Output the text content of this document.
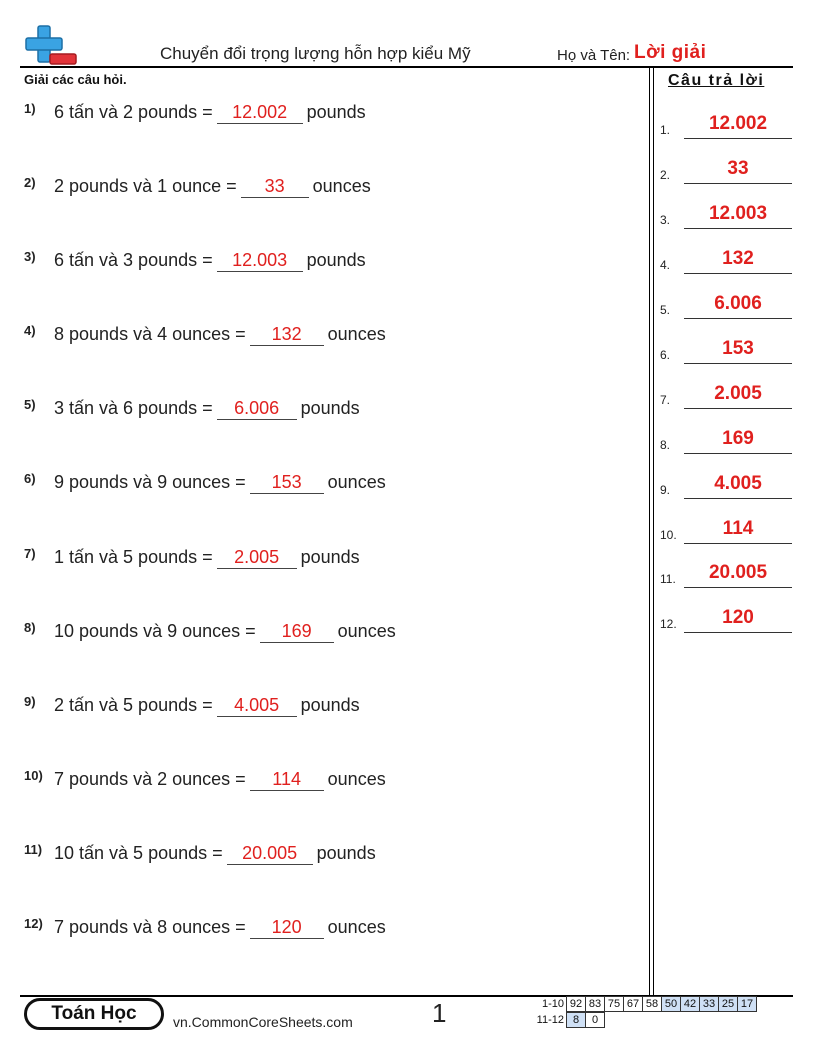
Chuyển đổi trọng lượng hỗn hợp kiểu Mỹ	Họ và Tên: Lời giải
Giải các câu hỏi.	Câu trả lời
1) 6 tấn và 2 pounds = 12.002 pounds
2) 2 pounds và 1 ounce = 33 ounces
3) 6 tấn và 3 pounds = 12.003 pounds
4) 8 pounds và 4 ounces = 132 ounces
5) 3 tấn và 6 pounds = 6.006 pounds
6) 9 pounds và 9 ounces = 153 ounces
7) 1 tấn và 5 pounds = 2.005 pounds
8) 10 pounds và 9 ounces = 169 ounces
9) 2 tấn và 5 pounds = 4.005 pounds
10) 7 pounds và 2 ounces = 114 ounces
11) 10 tấn và 5 pounds = 20.005 pounds
12) 7 pounds và 8 ounces = 120 ounces
1.	12.002
2.	33
3.	12.003
4.	132
5.	6.006
6.	153
7.	2.005
8.	169
9.	4.005
10.	114
11.	20.005
12.	120
Toán Học	vn.CommonCoreSheets.com	1	1-10 92 83 75 67 58 50 42 33 25 17
11-12 8	0
